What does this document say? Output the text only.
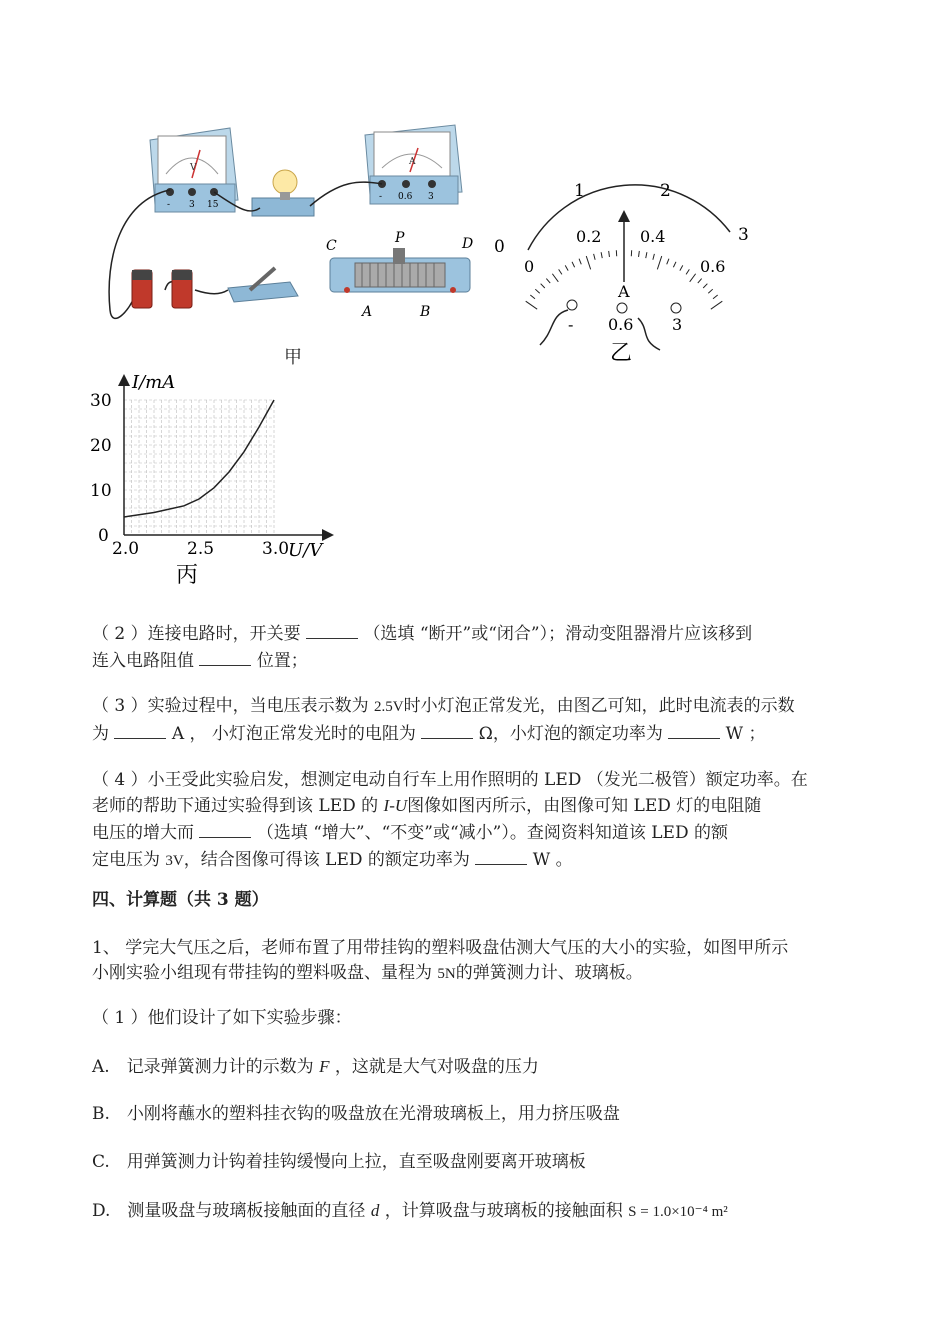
V
- 3 15
A
- 0.6 3
C	P	D
A	B
甲
0
1	2
3
0
0.2 0.4
0.6
A
- 0.6 3
乙
2.0	2.5	3.0
0
10
20
30
I/mA
U/V
丙
（ 2 ）连接电路时，开关要	（选填 “断开”或“闭合”）；滑动变阻器滑片应该移到
连入电路阻值	位置；
（ 3 ）实验过程中，当电压表示数为 2.5V时小灯泡正常发光，由图乙可知，此时电流表的示数
为	A ， 小灯泡正常发光时的电阻为	Ω，小灯泡的额定功率为	W ；
（ 4 ）小王受此实验启发，想测定电动自行车上用作照明的 LED （发光二极管）额定功率。在
老师的帮助下通过实验得到该 LED 的 I-U图像如图丙所示，由图像可知 LED 灯的电阻随
电压的增大而	（选填 “增大”、“不变”或“减小”）。查阅资料知道该 LED 的额
定电压为 3V，结合图像可得该 LED 的额定功率为	W 。
四、计算题（共 3 题）
1、 学完大气压之后，老师布置了用带挂钩的塑料吸盘估测大气压的大小的实验，如图甲所示
小刚实验小组现有带挂钩的塑料吸盘、量程为 5N的弹簧测力计、玻璃板。
（ 1 ）他们设计了如下实验步骤：
A.　记录弹簧测力计的示数为 F ，这就是大气对吸盘的压力
B.　小刚将蘸水的塑料挂衣钩的吸盘放在光滑玻璃板上，用力挤压吸盘
C.　用弹簧测力计钩着挂钩缓慢向上拉，直至吸盘刚要离开玻璃板
D.　测量吸盘与玻璃板接触面的直径 d ，计算吸盘与玻璃板的接触面积 S = 1.0×10⁻⁴ m²
